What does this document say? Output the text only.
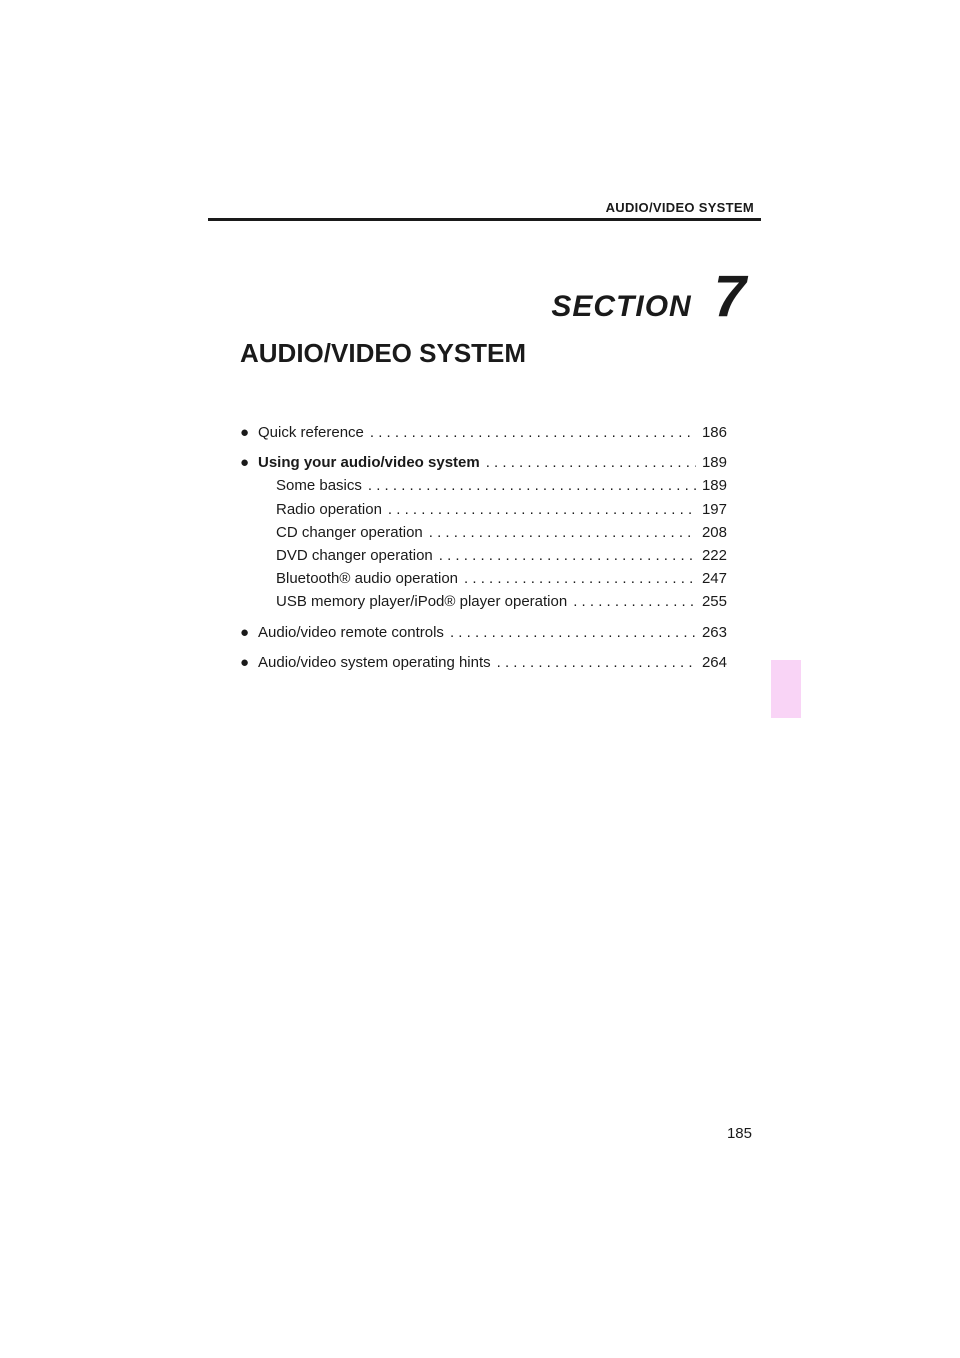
AUDIO/VIDEO SYSTEM
SECTION 7
AUDIO/VIDEO SYSTEM
● Quick reference . . .	186
● Using your audio/video system . . .	189
Some basics . . .	189
Radio operation . . .	197
CD changer operation . . .	208
DVD changer operation . . .	222
Bluetooth® audio operation . . .	247
USB memory player/iPod® player operation . . .	255
● Audio/video remote controls . . .	263
● Audio/video system operating hints . . .	264
185
